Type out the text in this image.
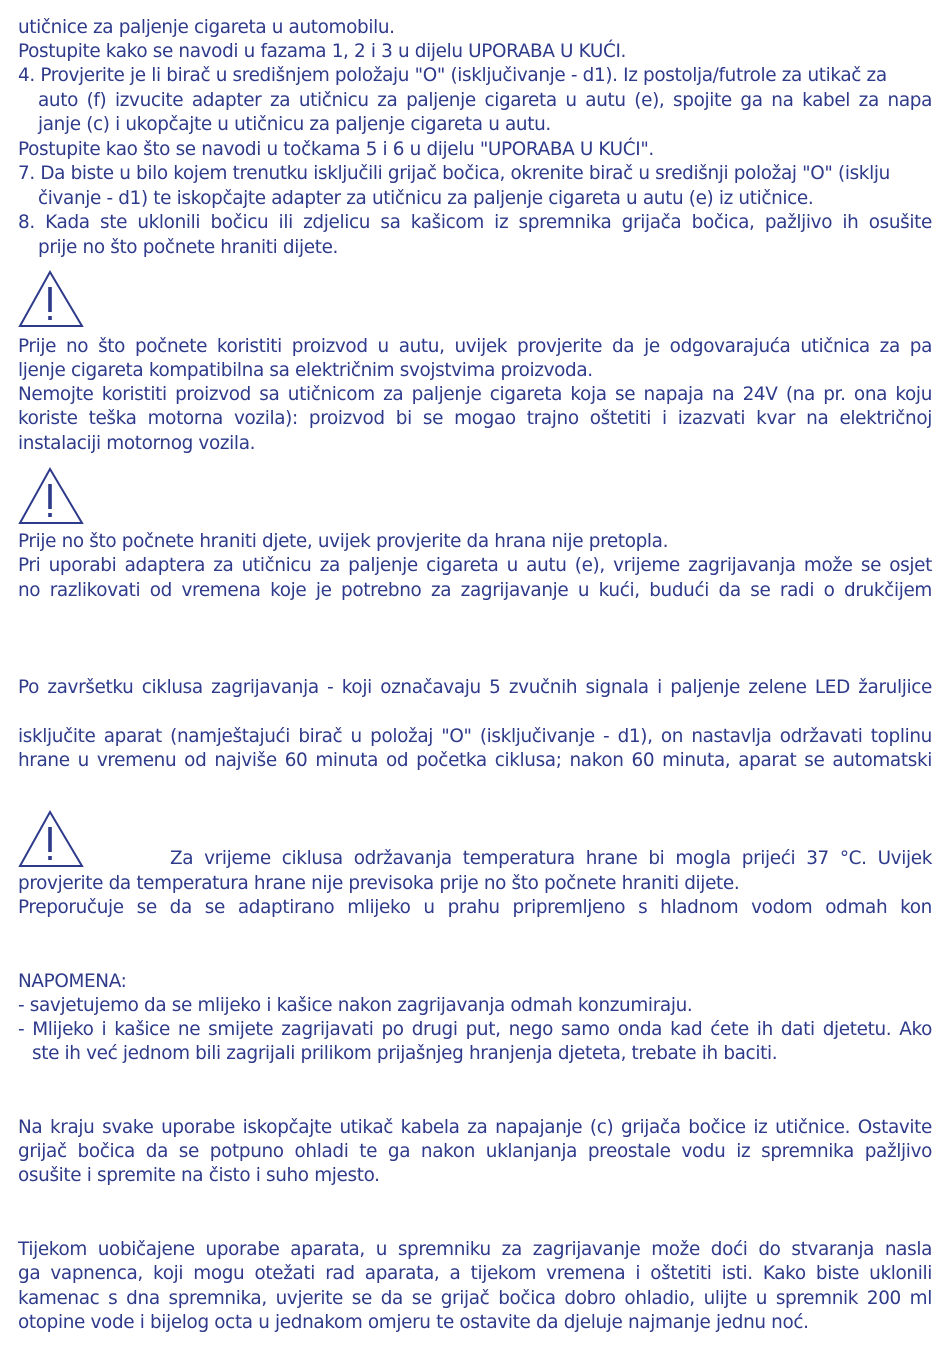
utičnice za paljenje cigareta u automobilu.
Postupite kako se navodi u fazama 1, 2 i 3 u dijelu UPORABA U KUĆI.
4. Provjerite je li birač u središnjem položaju "O" (isključivanje - d1). Iz postolja/futrole za utikač za
auto (f) izvucite adapter za utičnicu za paljenje cigareta u autu (e), spojite ga na kabel za napa
janje (c) i ukopčajte u utičnicu za paljenje cigareta u autu.
Postupite kao što se navodi u točkama 5 i 6 u dijelu "UPORABA U KUĆI".
7. Da biste u bilo kojem trenutku isključili grijač bočica, okrenite birač u središnji položaj "O" (isklju
čivanje - d1) te iskopčajte adapter za utičnicu za paljenje cigareta u autu (e) iz utičnice.
8. Kada ste uklonili bočicu ili zdjelicu sa kašicom iz spremnika grijača bočica, pažljivo ih osušite
prije no što počnete hraniti dijete.
Prije no što počnete koristiti proizvod u autu, uvijek provjerite da je odgovarajuća utičnica za pa
ljenje cigareta kompatibilna sa električnim svojstvima proizvoda.
Nemojte koristiti proizvod sa utičnicom za paljenje cigareta koja se napaja na 24V (na pr. ona koju
koriste teška motorna vozila): proizvod bi se mogao trajno oštetiti i izazvati kvar na električnoj
instalaciji motornog vozila.
Prije no što počnete hraniti djete, uvijek provjerite da hrana nije pretopla.
Pri uporabi adaptera za utičnicu za paljenje cigareta u autu (e), vrijeme zagrijavanja može se osjet
no razlikovati od vremena koje je potrebno za zagrijavanje u kući, budući da se radi o drukčijem
Po završetku ciklusa zagrijavanja - koji označavaju 5 zvučnih signala i paljenje zelene LED žaruljice
isključite aparat (namještajući birač u položaj "O" (isključivanje - d1), on nastavlja održavati toplinu
hrane u vremenu od najviše 60 minuta od početka ciklusa; nakon 60 minuta, aparat se automatski
Za vrijeme ciklusa održavanja temperatura hrane bi mogla prijeći 37 °C. Uvijek
provjerite da temperatura hrane nije previsoka prije no što počnete hraniti dijete.
Preporučuje se da se adaptirano mlijeko u prahu pripremljeno s hladnom vodom odmah kon
NAPOMENA:
- savjetujemo da se mlijeko i kašice nakon zagrijavanja odmah konzumiraju.
- Mlijeko i kašice ne smijete zagrijavati po drugi put, nego samo onda kad ćete ih dati djetetu. Ako
ste ih već jednom bili zagrijali prilikom prijašnjeg hranjenja djeteta, trebate ih baciti.
Na kraju svake uporabe iskopčajte utikač kabela za napajanje (c) grijača bočice iz utičnice. Ostavite
grijač bočica da se potpuno ohladi te ga nakon uklanjanja preostale vodu iz spremnika pažljivo
osušite i spremite na čisto i suho mjesto.
Tijekom uobičajene uporabe aparata, u spremniku za zagrijavanje može doći do stvaranja nasla
ga vapnenca, koji mogu otežati rad aparata, a tijekom vremena i oštetiti isti. Kako biste uklonili
kamenac s dna spremnika, uvjerite se da se grijač bočica dobro ohladio, ulijte u spremnik 200 ml
otopine vode i bijelog octa u jednakom omjeru te ostavite da djeluje najmanje jednu noć.
